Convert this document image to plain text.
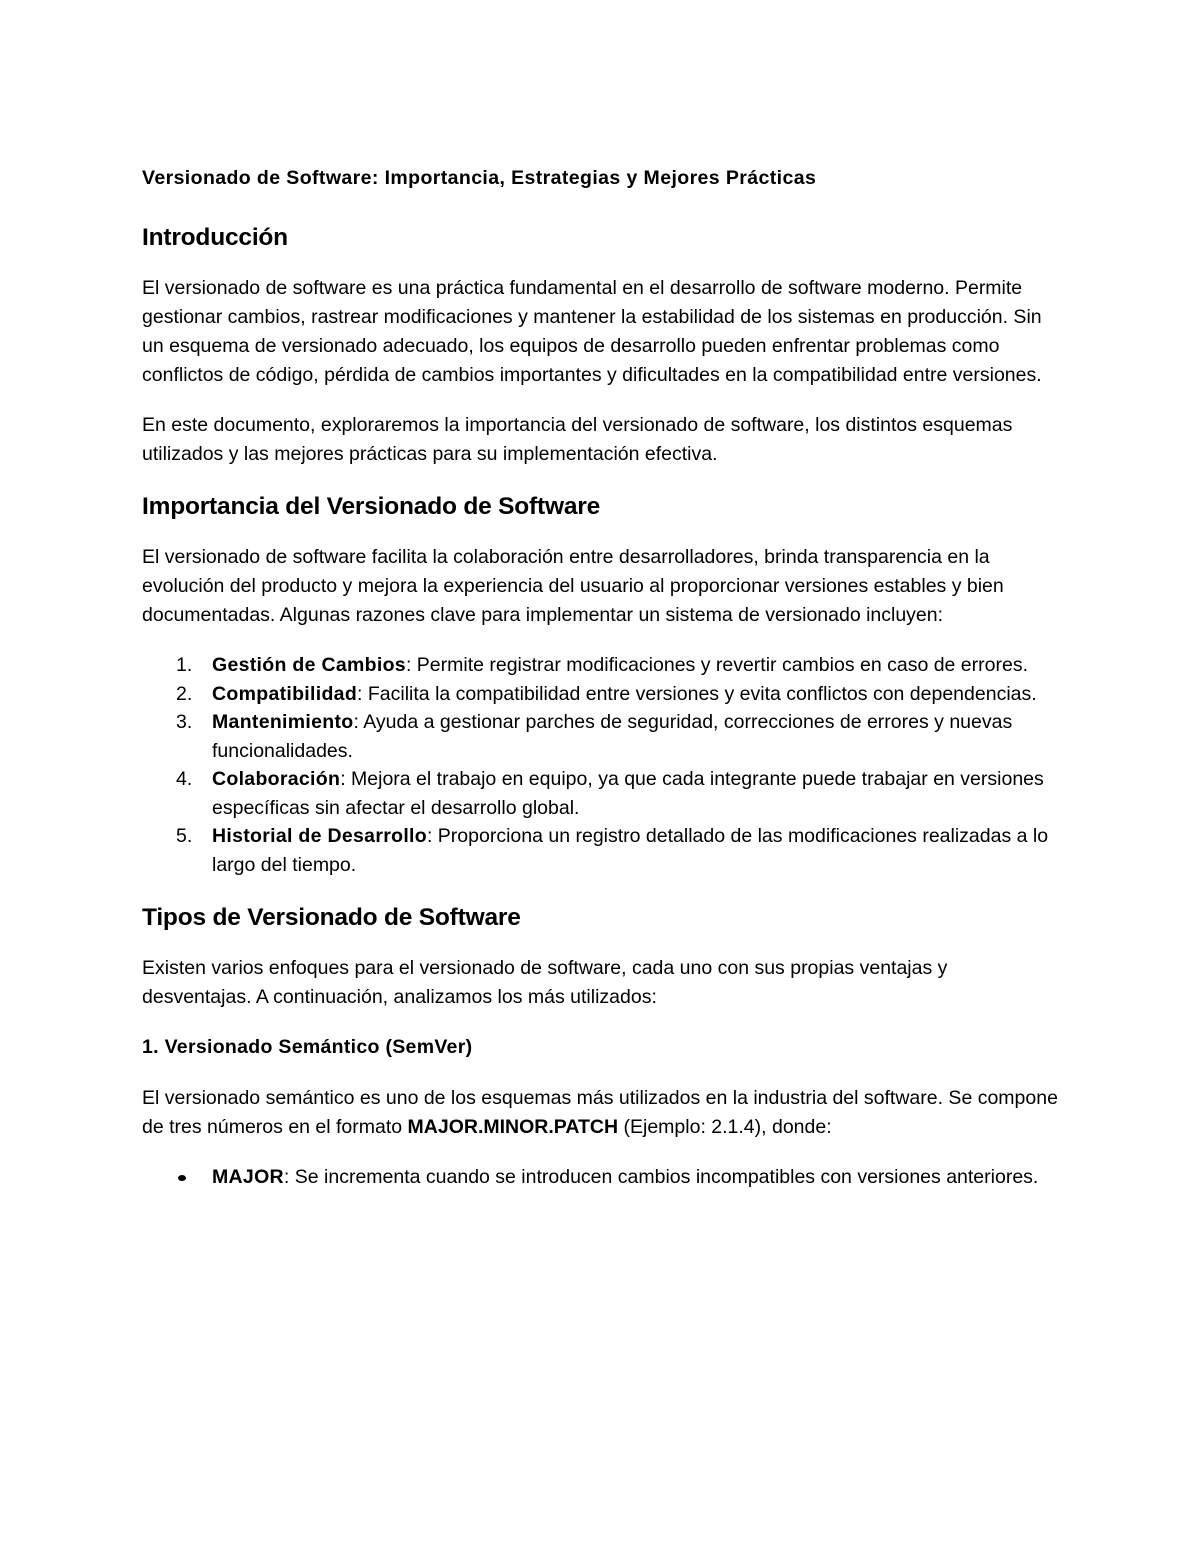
Versionado de Software: Importancia, Estrategias y Mejores Prácticas
Introducción

El versionado de software es una práctica fundamental en el desarrollo de software moderno. Permite gestionar cambios, rastrear modificaciones y mantener la estabilidad de los sistemas en producción. Sin un esquema de versionado adecuado, los equipos de desarrollo pueden enfrentar problemas como conflictos de código, pérdida de cambios importantes y dificultades en la compatibilidad entre versiones.

En este documento, exploraremos la importancia del versionado de software, los distintos esquemas utilizados y las mejores prácticas para su implementación efectiva.

Importancia del Versionado de Software

El versionado de software facilita la colaboración entre desarrolladores, brinda transparencia en la evolución del producto y mejora la experiencia del usuario al proporcionar versiones estables y bien documentadas. Algunas razones clave para implementar un sistema de versionado incluyen:

1. Gestión de Cambios: Permite registrar modificaciones y revertir cambios en caso de errores.
2. Compatibilidad: Facilita la compatibilidad entre versiones y evita conflictos con dependencias.
3. Mantenimiento: Ayuda a gestionar parches de seguridad, correcciones de errores y nuevas funcionalidades.
4. Colaboración: Mejora el trabajo en equipo, ya que cada integrante puede trabajar en versiones específicas sin afectar el desarrollo global.
5. Historial de Desarrollo: Proporciona un registro detallado de las modificaciones realizadas a lo largo del tiempo.
Tipos de Versionado de Software

Existen varios enfoques para el versionado de software, cada uno con sus propias ventajas y desventajas. A continuación, analizamos los más utilizados:

1. Versionado Semántico (SemVer)

El versionado semántico es uno de los esquemas más utilizados en la industria del software. Se compone de tres números en el formato MAJOR.MINOR.PATCH (Ejemplo: 2.1.4), donde:

MAJOR: Se incrementa cuando se introducen cambios incompatibles con versiones anteriores.
